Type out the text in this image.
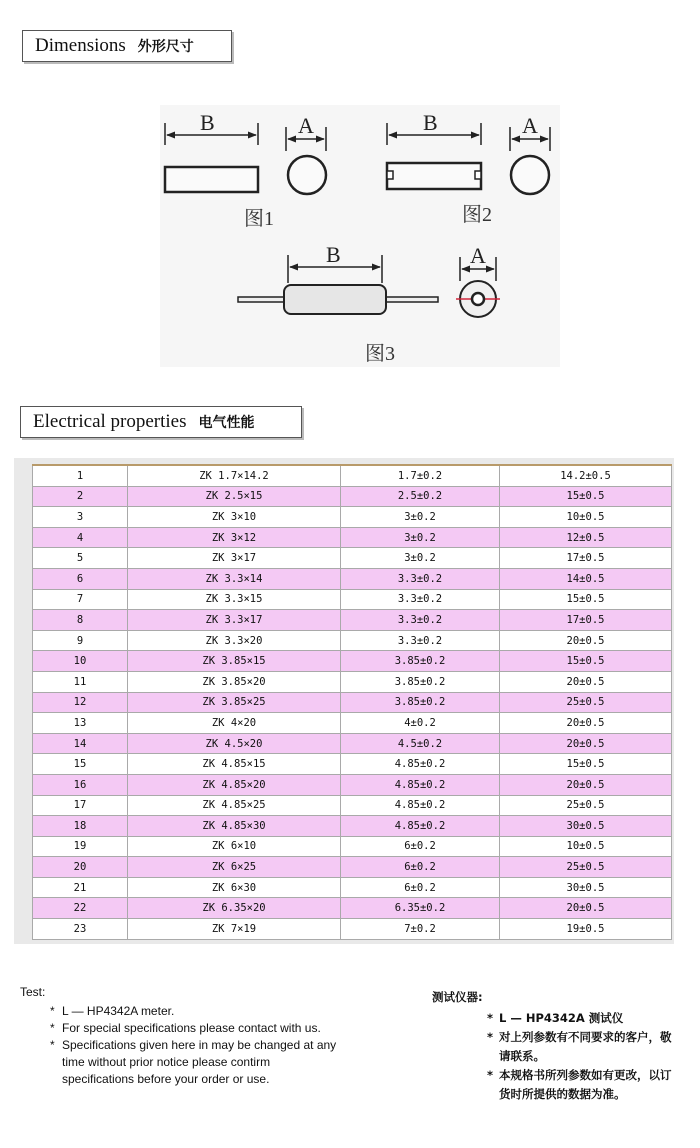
Dimensions 外形尺寸
B	A
图1
B	A
图2
B	A
图3
Electrical properties 电气性能
1	ZK 1.7×14.2	1.7±0.2	14.2±0.5
2	ZK 2.5×15	2.5±0.2	15±0.5
3	ZK 3×10	3±0.2	10±0.5
4	ZK 3×12	3±0.2	12±0.5
5	ZK 3×17	3±0.2	17±0.5
6	ZK 3.3×14	3.3±0.2	14±0.5
7	ZK 3.3×15	3.3±0.2	15±0.5
8	ZK 3.3×17	3.3±0.2	17±0.5
9	ZK 3.3×20	3.3±0.2	20±0.5
10	ZK 3.85×15	3.85±0.2	15±0.5
11	ZK 3.85×20	3.85±0.2	20±0.5
12	ZK 3.85×25	3.85±0.2	25±0.5
13	ZK 4×20	4±0.2	20±0.5
14	ZK 4.5×20	4.5±0.2	20±0.5
15	ZK 4.85×15	4.85±0.2	15±0.5
16	ZK 4.85×20	4.85±0.2	20±0.5
17	ZK 4.85×25	4.85±0.2	25±0.5
18	ZK 4.85×30	4.85±0.2	30±0.5
19	ZK 6×10	6±0.2	10±0.5
20	ZK 6×25	6±0.2	25±0.5
21	ZK 6×30	6±0.2	30±0.5
22	ZK 6.35×20	6.35±0.2	20±0.5
23	ZK 7×19	7±0.2	19±0.5
Test:
* L — HP4342A meter.
* For special specifications please contact with us.
* Specifications given here in may be changed at any time without prior notice please contirm specifications before your order or use.
测试仪器:
* L — HP4342A 测试仪
* 对上列参数有不同要求的客户，敬请联系。
* 本规格书所列参数如有更改，以订货时所提供的数据为准。
